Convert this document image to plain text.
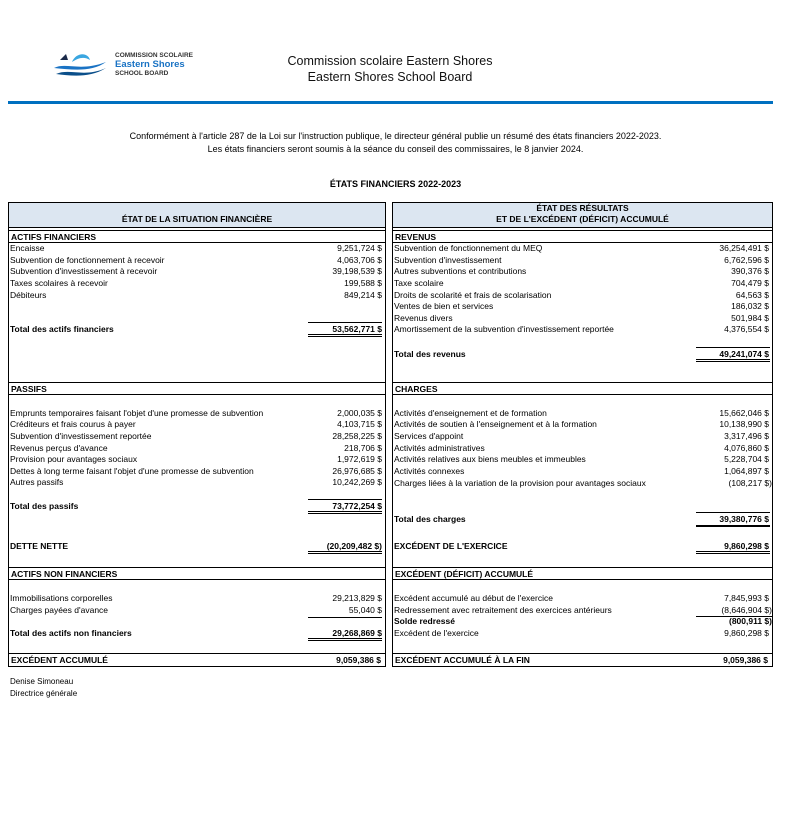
COMMISSION SCOLAIRE
Eastern Shores
SCHOOL BOARD
Commission scolaire Eastern Shores
Eastern Shores School Board
Conformément à l'article 287 de la Loi sur l'instruction publique, le directeur général publie un résumé des états financiers 2022-2023.
Les états financiers seront soumis à la séance du conseil des commissaires, le 8 janvier 2024.
ÉTATS FINANCIERS 2022-2023
ÉTAT DE LA SITUATION FINANCIÈRE
ACTIFS FINANCIERS
Encaisse	9,251,724 $
Subvention de fonctionnement à recevoir	4,063,706 $
Subvention d'investissement à recevoir	39,198,539 $
Taxes scolaires à recevoir	199,588 $
Débiteurs	849,214 $
Total des actifs financiers	53,562,771 $
PASSIFS
Emprunts temporaires faisant l'objet d'une promesse de subvention	2,000,035 $
Créditeurs et frais courus à payer	4,103,715 $
Subvention d'investissement reportée	28,258,225 $
Revenus perçus d'avance	218,706 $
Provision pour avantages sociaux	1,972,619 $
Dettes à long terme faisant l'objet d'une promesse de subvention	26,976,685 $
Autres passifs	10,242,269 $
Total des passifs	73,772,254 $
DETTE NETTE	(20,209,482 $)
ACTIFS NON FINANCIERS
Immobilisations corporelles	29,213,829 $
Charges payées d'avance	55,040 $
Total des actifs non financiers	29,268,869 $
EXCÉDENT ACCUMULÉ	9,059,386 $
ÉTAT DES RÉSULTATS
ET DE L'EXCÉDENT (DÉFICIT) ACCUMULÉ
REVENUS
Subvention de fonctionnement du MEQ	36,254,491 $
Subvention d'investissement	6,762,596 $
Autres subventions et contributions	390,376 $
Taxe scolaire	704,479 $
Droits de scolarité et frais de scolarisation	64,563 $
Ventes de bien et services	186,032 $
Revenus divers	501,984 $
Amortissement de la subvention d'investissement reportée	4,376,554 $
Total des revenus	49,241,074 $
CHARGES
Activités d'enseignement et de formation	15,662,046 $
Activités de soutien à l'enseignement et à la formation	10,138,990 $
Services d'appoint	3,317,496 $
Activités administratives	4,076,860 $
Activités relatives aux biens meubles et immeubles	5,228,704 $
Activités connexes	1,064,897 $
Charges liées à la variation de la provision pour avantages sociaux	(108,217 $)
Total des charges	39,380,776 $
EXCÉDENT DE L'EXERCICE	9,860,298 $
EXCÉDENT (DÉFICIT) ACCUMULÉ
Excédent accumulé au début de l'exercice	7,845,993 $
Redressement avec retraitement des exercices antérieurs	(8,646,904 $)
Solde redressé	(800,911 $)
Excédent de l'exercice	9,860,298 $
EXCÉDENT ACCUMULÉ À LA FIN	9,059,386 $
Denise Simoneau
Directrice générale
